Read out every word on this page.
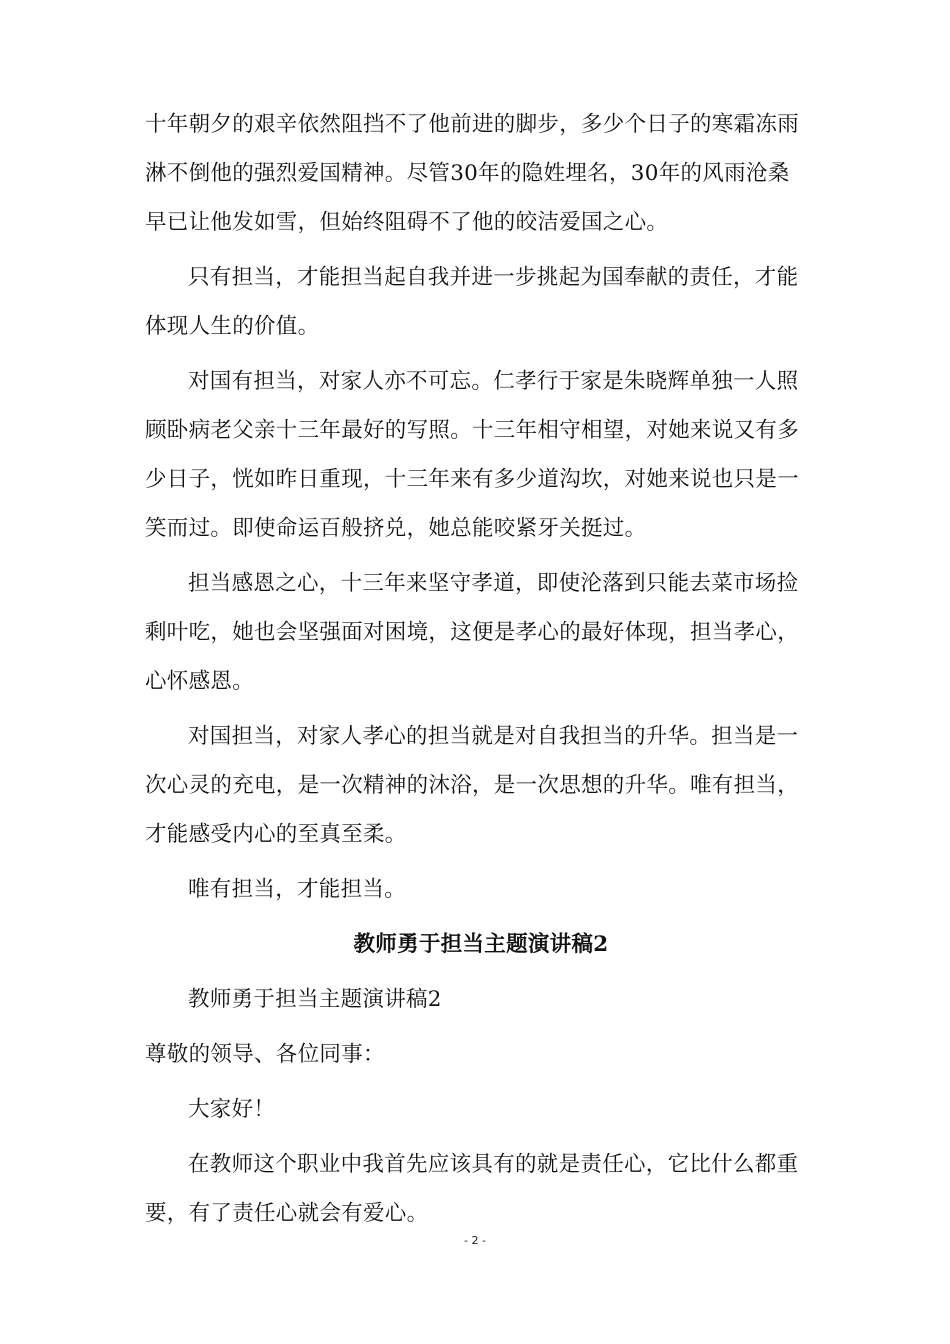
十年朝夕的艰辛依然阻挡不了他前进的脚步，多少个日子的寒霜冻雨
淋不倒他的强烈爱国精神。尽管30年的隐姓埋名，30年的风雨沧桑
早已让他发如雪，但始终阻碍不了他的皎洁爱国之心。
只有担当，才能担当起自我并进一步挑起为国奉献的责任，才能
体现人生的价值。
对国有担当，对家人亦不可忘。仁孝行于家是朱晓辉单独一人照
顾卧病老父亲十三年最好的写照。十三年相守相望，对她来说又有多
少日子，恍如昨日重现，十三年来有多少道沟坎，对她来说也只是一
笑而过。即使命运百般挤兑，她总能咬紧牙关挺过。
担当感恩之心，十三年来坚守孝道，即使沦落到只能去菜市场捡
剩叶吃，她也会坚强面对困境，这便是孝心的最好体现，担当孝心，
心怀感恩。
对国担当，对家人孝心的担当就是对自我担当的升华。担当是一
次心灵的充电，是一次精神的沐浴，是一次思想的升华。唯有担当，
才能感受内心的至真至柔。
唯有担当，才能担当。
教师勇于担当主题演讲稿2
教师勇于担当主题演讲稿2
尊敬的领导、各位同事：
大家好！
在教师这个职业中我首先应该具有的就是责任心，它比什么都重
要，有了责任心就会有爱心。
- 2 -
